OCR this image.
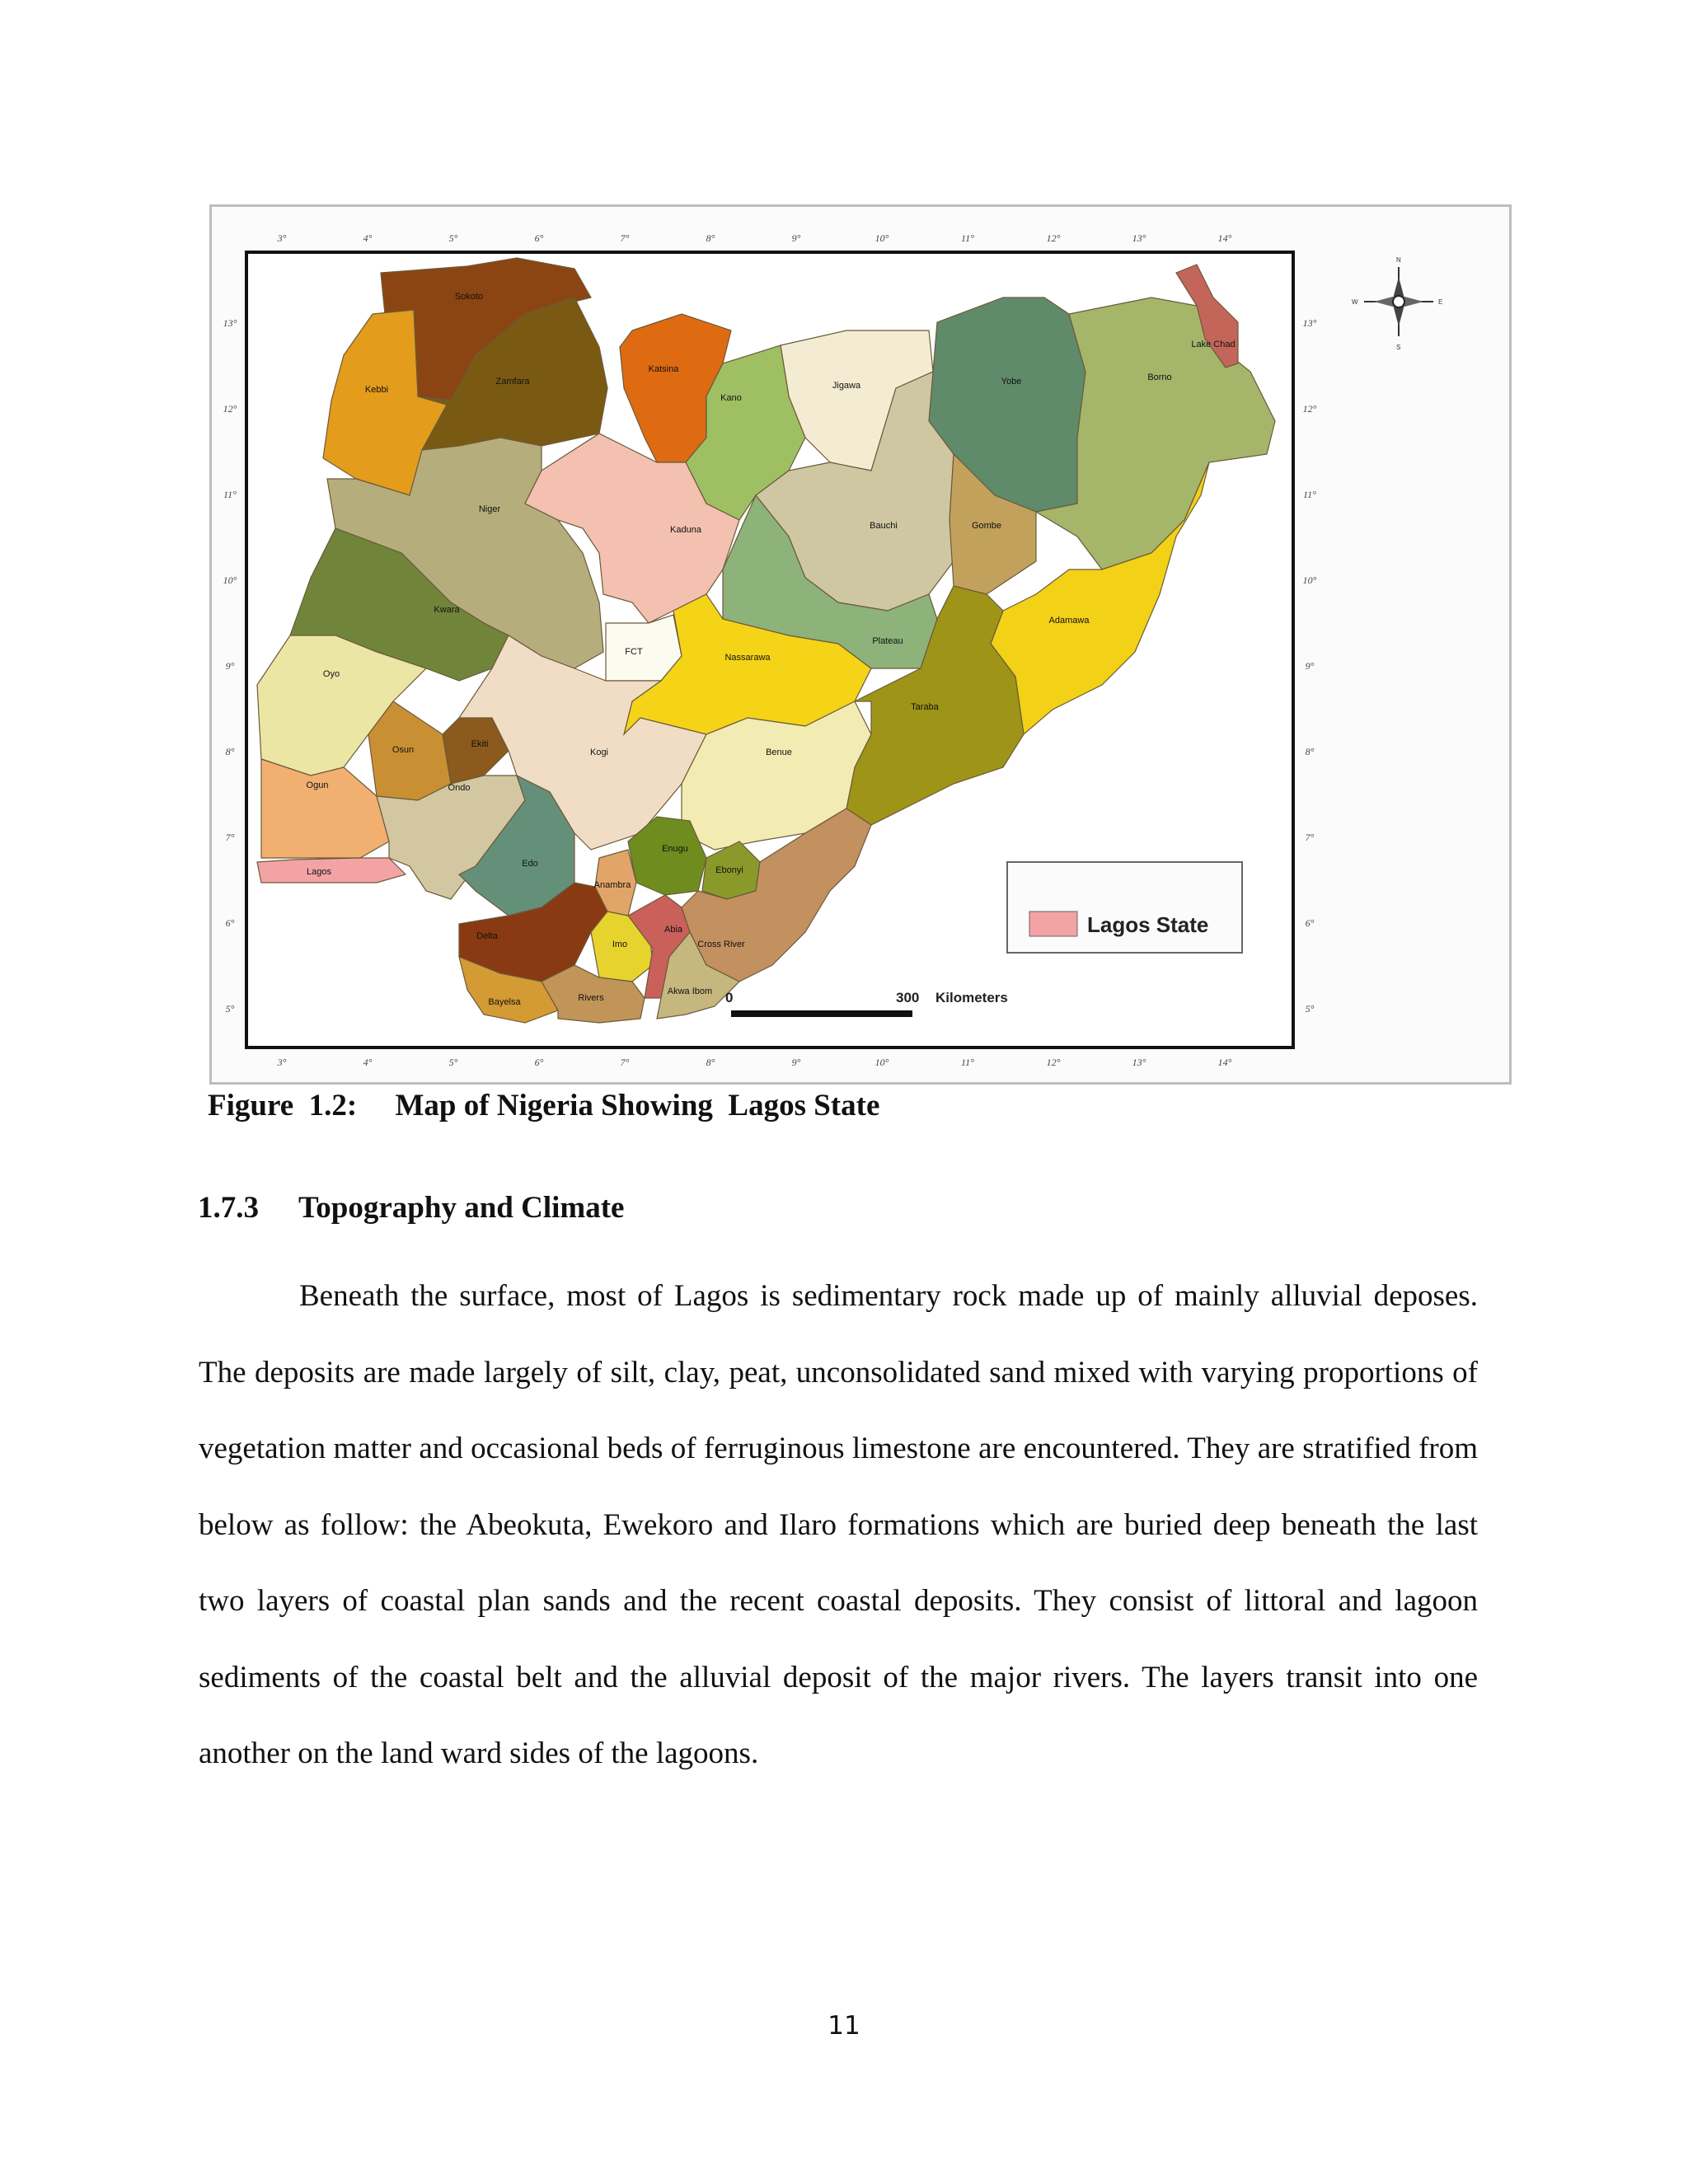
3°	4°	5°	6°	7°	8°	9°	10°	11°	12°	13°	14°
3°	4°	5°	6°	7°	8°	9°	10°	11°	12°	13°	14°
13°
12°
11°
10°
9°
8°
7°
6°
5°
13°
12°
11°
10°
9°
8°
7°
6°
5°
Sokoto
Kebbi
Zamfara
Katsina
Jigawa
Kano
Yobe	Borno
Lake Chad
Niger
Kaduna	Bauchi	Gombe
Adamawa
Kwara
FCT
Nassarawa
Plateau
Taraba
Oyo
Osun
Ekiti
Kogi	Benue
Ogun	Ondo
Edo
Enugu
Ebonyi
Anambra
Lagos
Delta
Imo
Abia
Cross River
Bayelsa	Rivers
Akwa Ibom
Lagos State
0	300 Kilometers
N
S
E
W
Figure  1.2: Map of Nigeria Showing  Lagos State
1.7.3 Topography and Climate

Beneath the surface, most of Lagos is sedimentary rock made up of mainly alluvial deposes. The deposits are made largely of silt, clay, peat, unconsolidated sand mixed with varying proportions of vegetation matter and occasional beds of ferruginous limestone are encountered. They are stratified from below as follow: the Abeokuta, Ewekoro and Ilaro formations which are buried deep beneath the last two layers of coastal plan sands and the recent coastal deposits. They consist of littoral and lagoon sediments of the coastal belt and the alluvial deposit of the major rivers. The layers transit into one another on the land ward sides of the lagoons.

11
